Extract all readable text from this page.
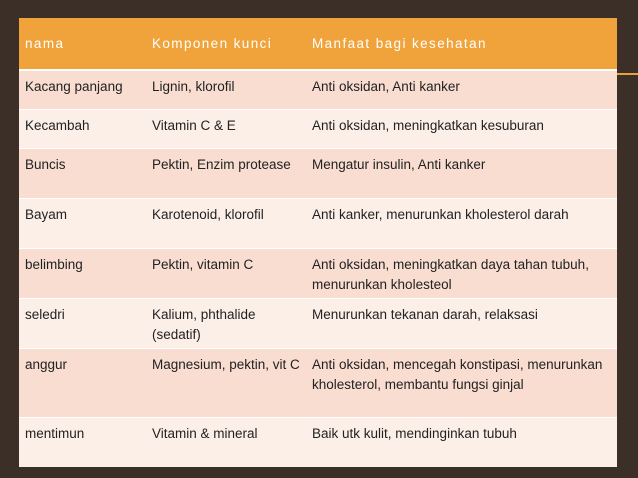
nama	Komponen kunci	Manfaat bagi kesehatan
Kacang panjang	Lignin, klorofil	Anti oksidan, Anti kanker
Kecambah	Vitamin C & E	Anti oksidan, meningkatkan kesuburan
Buncis	Pektin, Enzim protease	Mengatur insulin, Anti kanker
Bayam	Karotenoid, klorofil	Anti kanker, menurunkan kholesterol darah
belimbing	Pektin, vitamin C	Anti oksidan, meningkatkan daya tahan tubuh, menurunkan kholesteol
seledri	Kalium, phthalide (sedatif)	Menurunkan tekanan darah, relaksasi
anggur	Magnesium, pektin, vit C	Anti oksidan, mencegah konstipasi, menurunkan kholesterol, membantu fungsi ginjal
mentimun	Vitamin & mineral	Baik utk kulit, mendinginkan tubuh
